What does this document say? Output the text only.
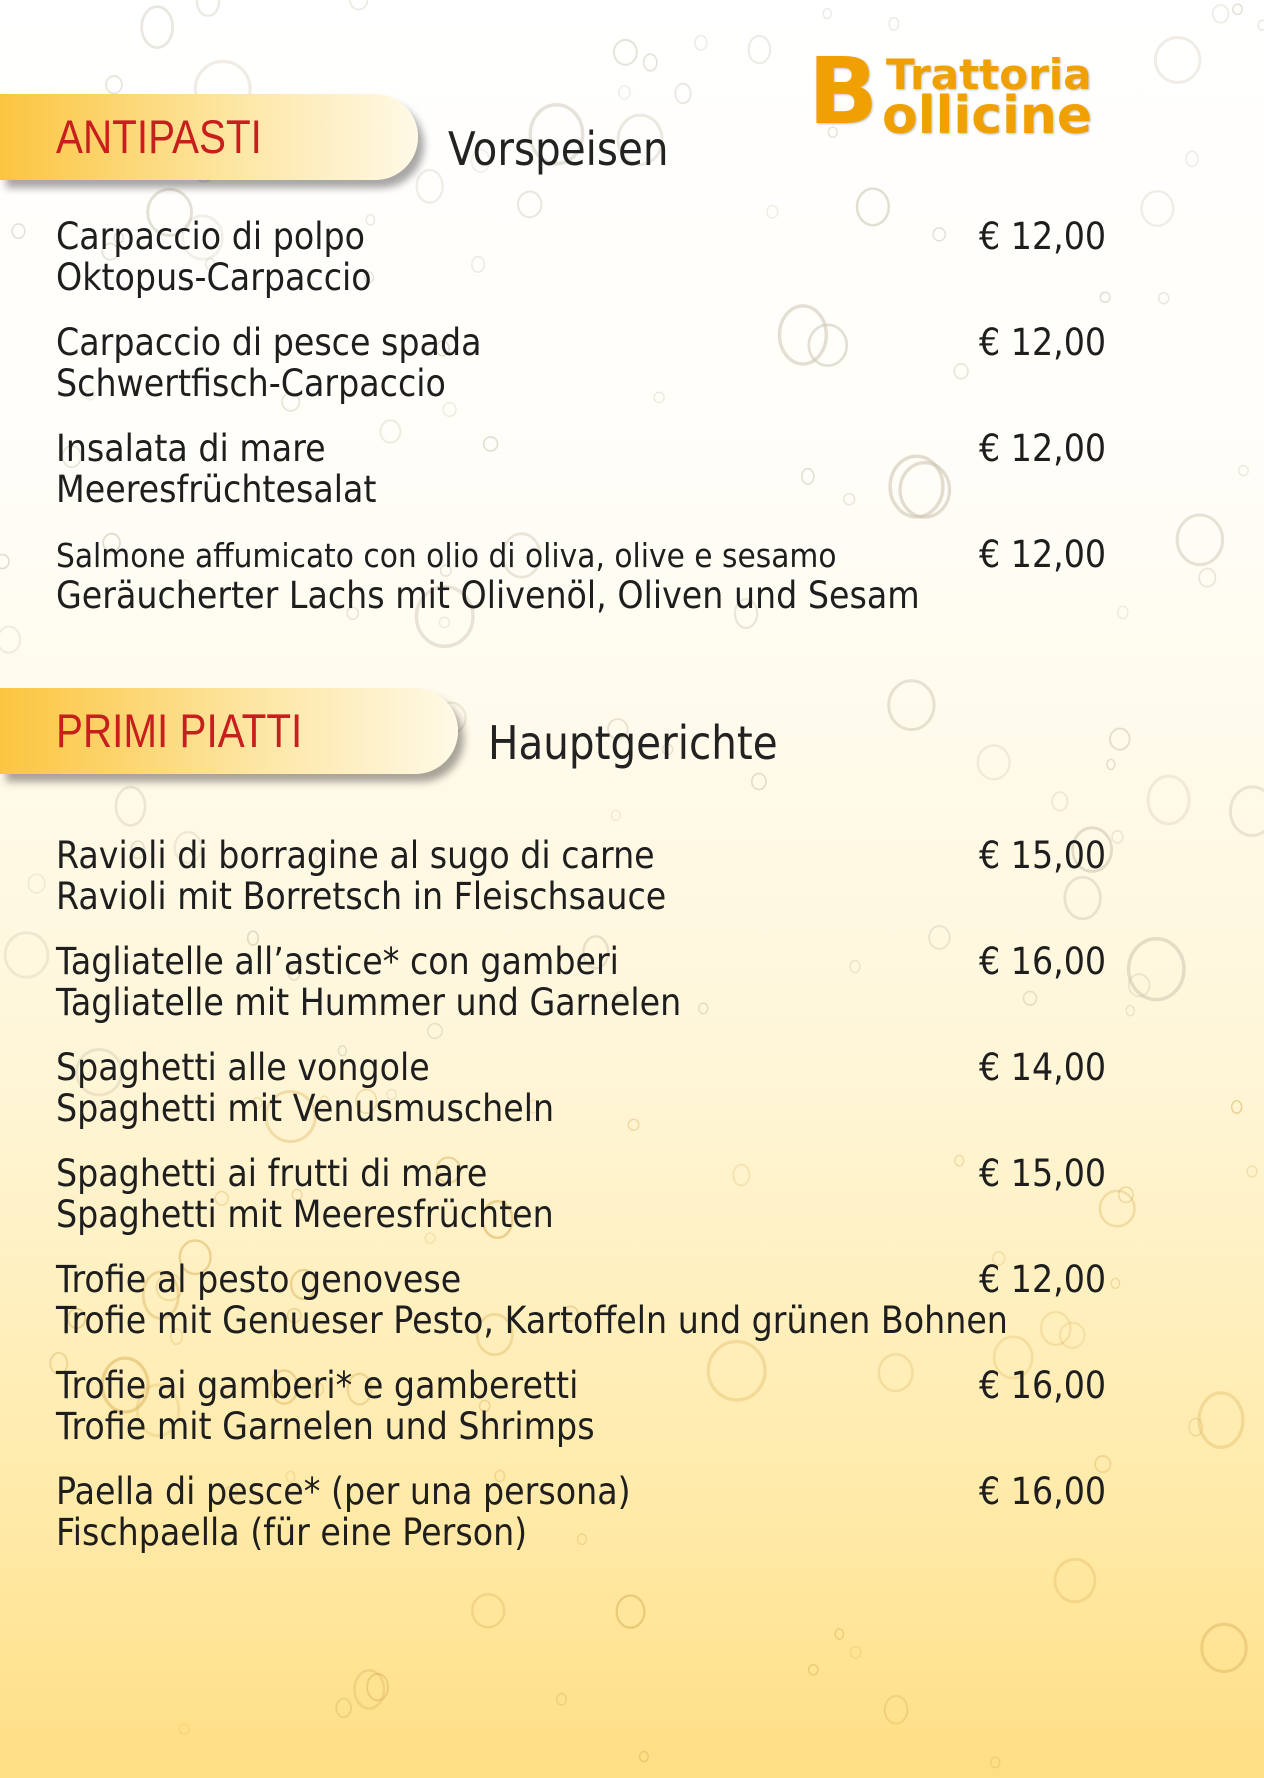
B Trattoria
ollicine
ANTIPASTI	Vorspeisen
Carpaccio di polpo
Oktopus-Carpaccio
€ 12,00
Carpaccio di pesce spada
Schwertfisch-Carpaccio
€ 12,00
Insalata di mare
Meeresfrüchtesalat
€ 12,00
Salmone affumicato con olio di oliva, olive e sesamo
Geräucherter Lachs mit Olivenöl, Oliven und Sesam
€ 12,00
PRIMI PIATTI	Hauptgerichte
Ravioli di borragine al sugo di carne
Ravioli mit Borretsch in Fleischsauce
€ 15,00
Tagliatelle all’astice* con gamberi
Tagliatelle mit Hummer und Garnelen
€ 16,00
Spaghetti alle vongole
Spaghetti mit Venusmuscheln
€ 14,00
Spaghetti ai frutti di mare
Spaghetti mit Meeresfrüchten
€ 15,00
Trofie al pesto genovese
Trofie mit Genueser Pesto, Kartoffeln und grünen Bohnen
€ 12,00
Trofie ai gamberi* e gamberetti
Trofie mit Garnelen und Shrimps
€ 16,00
Paella di pesce* (per una persona)
Fischpaella (für eine Person)
€ 16,00
